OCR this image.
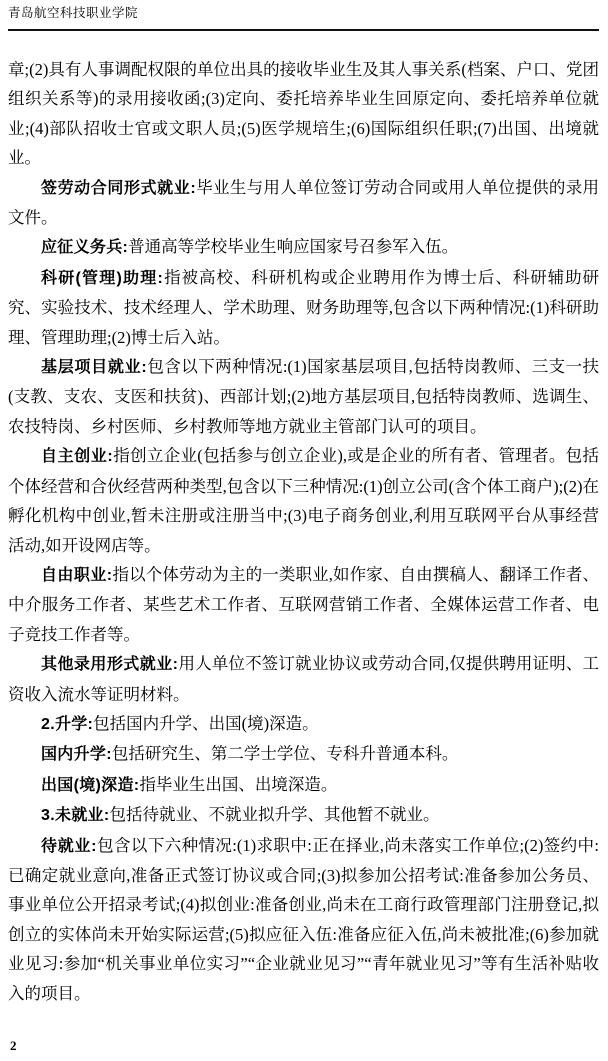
青岛航空科技职业学院

章;(2)具有人事调配权限的单位出具的接收毕业生及其人事关系(档案、户口、党团组织关系等)的录用接收函;(3)定向、委托培养毕业生回原定向、委托培养单位就业;(4)部队招收士官或文职人员;(5)医学规培生;(6)国际组织任职;(7)出国、出境就业。

签劳动合同形式就业:毕业生与用人单位签订劳动合同或用人单位提供的录用文件。

应征义务兵:普通高等学校毕业生响应国家号召参军入伍。

科研(管理)助理:指被高校、科研机构或企业聘用作为博士后、科研辅助研究、实验技术、技术经理人、学术助理、财务助理等,包含以下两种情况:(1)科研助理、管理助理;(2)博士后入站。

基层项目就业:包含以下两种情况:(1)国家基层项目,包括特岗教师、三支一扶(支教、支农、支医和扶贫)、西部计划;(2)地方基层项目,包括特岗教师、选调生、农技特岗、乡村医师、乡村教师等地方就业主管部门认可的项目。

自主创业:指创立企业(包括参与创立企业),或是企业的所有者、管理者。包括个体经营和合伙经营两种类型,包含以下三种情况:(1)创立公司(含个体工商户);(2)在孵化机构中创业,暂未注册或注册当中;(3)电子商务创业,利用互联网平台从事经营活动,如开设网店等。

自由职业:指以个体劳动为主的一类职业,如作家、自由撰稿人、翻译工作者、中介服务工作者、某些艺术工作者、互联网营销工作者、全媒体运营工作者、电子竞技工作者等。

其他录用形式就业:用人单位不签订就业协议或劳动合同,仅提供聘用证明、工资收入流水等证明材料。

2.升学:包括国内升学、出国(境)深造。

国内升学:包括研究生、第二学士学位、专科升普通本科。

出国(境)深造:指毕业生出国、出境深造。

3.未就业:包括待就业、不就业拟升学、其他暂不就业。

待就业:包含以下六种情况:(1)求职中:正在择业,尚未落实工作单位;(2)签约中:已确定就业意向,准备正式签订协议或合同;(3)拟参加公招考试:准备参加公务员、事业单位公开招录考试;(4)拟创业:准备创业,尚未在工商行政管理部门注册登记,拟创立的实体尚未开始实际运营;(5)拟应征入伍:准备应征入伍,尚未被批准;(6)参加就业见习:参加“机关事业单位实习”“企业就业见习”“青年就业见习”等有生活补贴收入的项目。

2
